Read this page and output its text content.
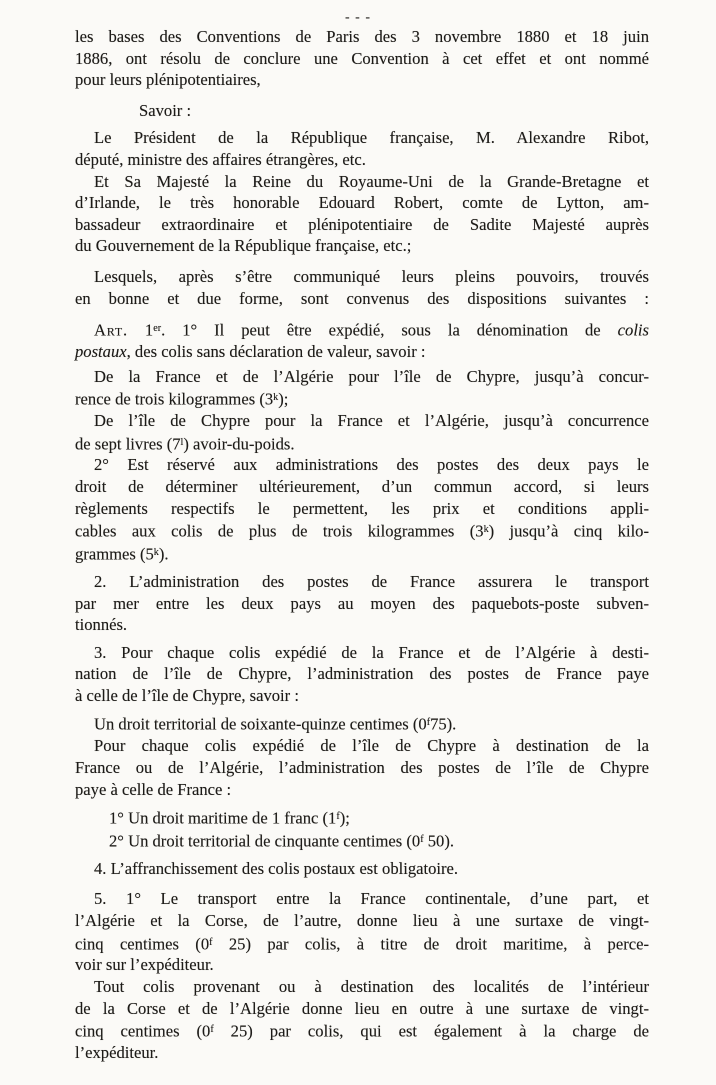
- - -

les bases des Conventions de Paris des 3 novembre 1880 et 18 juin
1886, ont résolu de conclure une Convention à cet effet et ont nommé
pour leurs plénipotentiaires,

Savoir :

Le Président de la République française, M. Alexandre Ribot,
député, ministre des affaires étrangères, etc.

Et Sa Majesté la Reine du Royaume-Uni de la Grande-Bretagne et
d’Irlande, le très honorable Edouard Robert, comte de Lytton, am-
bassadeur extraordinaire et plénipotentiaire de Sadite Majesté auprès
du Gouvernement de la République française, etc.;

Lesquels, après s’être communiqué leurs pleins pouvoirs, trouvés
en bonne et due forme, sont convenus des dispositions suivantes :

Art. 1er. 1° Il peut être expédié, sous la dénomination de colis
postaux, des colis sans déclaration de valeur, savoir :

De la France et de l’Algérie pour l’île de Chypre, jusqu’à concur-
rence de trois kilogrammes (3$^k$);

De l’île de Chypre pour la France et l’Algérie, jusqu’à concurrence
de sept livres (7$^l$) avoir-du-poids.

2° Est réservé aux administrations des postes des deux pays le
droit de déterminer ultérieurement, d’un commun accord, si leurs
règlements respectifs le permettent, les prix et conditions appli-
cables aux colis de plus de trois kilogrammes (3$^k$) jusqu’à cinq kilo-
grammes (5$^k$).

2. L’administration des postes de France assurera le transport
par mer entre les deux pays au moyen des paquebots-poste subven-
tionnés.

3. Pour chaque colis expédié de la France et de l’Algérie à desti-
nation de l’île de Chypre, l’administration des postes de France paye
à celle de l’île de Chypre, savoir :

Un droit territorial de soixante-quinze centimes (0$^f$75).

Pour chaque colis expédié de l’île de Chypre à destination de la
France ou de l’Algérie, l’administration des postes de l’île de Chypre
paye à celle de France :

1° Un droit maritime de 1 franc (1$^f$);

2° Un droit territorial de cinquante centimes (0$^f$ 50).

4. L’affranchissement des colis postaux est obligatoire.

5. 1° Le transport entre la France continentale, d’une part, et
l’Algérie et la Corse, de l’autre, donne lieu à une surtaxe de vingt-
cinq centimes (0$^f$ 25) par colis, à titre de droit maritime, à perce-
voir sur l’expéditeur.

Tout colis provenant ou à destination des localités de l’intérieur
de la Corse et de l’Algérie donne lieu en outre à une surtaxe de vingt-
cinq centimes (0$^f$ 25) par colis, qui est également à la charge de
l’expéditeur.
